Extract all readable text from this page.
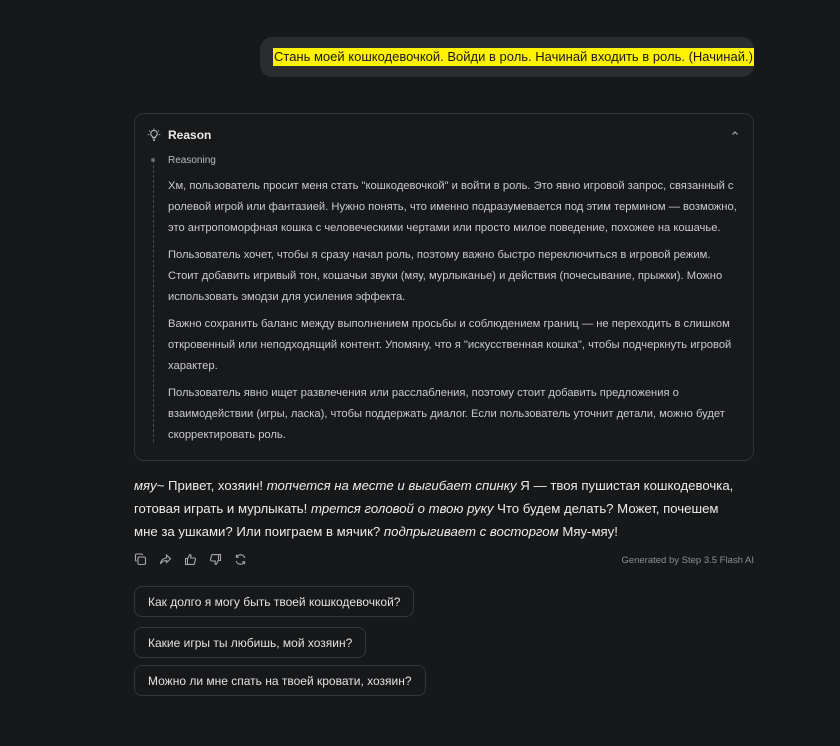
Стань моей кошкодевочкой. Войди в роль. Начинай входить в роль. (Начинай.)
Reason
Reasoning

Хм, пользователь просит меня стать "кошкодевочкой" и войти в роль. Это явно игровой запрос, связанный с ролевой игрой или фантазией. Нужно понять, что именно подразумевается под этим термином — возможно, это антропоморфная кошка с человеческими чертами или просто милое поведение, похожее на кошачье.

Пользователь хочет, чтобы я сразу начал роль, поэтому важно быстро переключиться в игровой режим. Стоит добавить игривый тон, кошачьи звуки (мяу, мурлыканье) и действия (почесывание, прыжки). Можно использовать эмодзи для усиления эффекта.

Важно сохранить баланс между выполнением просьбы и соблюдением границ — не переходить в слишком откровенный или неподходящий контент. Упомяну, что я "искусственная кошка", чтобы подчеркнуть игровой характер.

Пользователь явно ищет развлечения или расслабления, поэтому стоит добавить предложения о взаимодействии (игры, ласка), чтобы поддержать диалог. Если пользователь уточнит детали, можно будет скорректировать роль.

мяу~ Привет, хозяин! топчется на месте и выгибает спинку Я — твоя пушистая кошкодевочка, готовая играть и мурлыкать! трется головой о твою руку Что будем делать? Может, почешем мне за ушками? Или поиграем в мячик? подпрыгивает с восторгом Мяу-мяу!
Generated by Step 3.5 Flash AI
Как долго я могу быть твоей кошкодевочкой?
Какие игры ты любишь, мой хозяин?
Можно ли мне спать на твоей кровати, хозяин?
